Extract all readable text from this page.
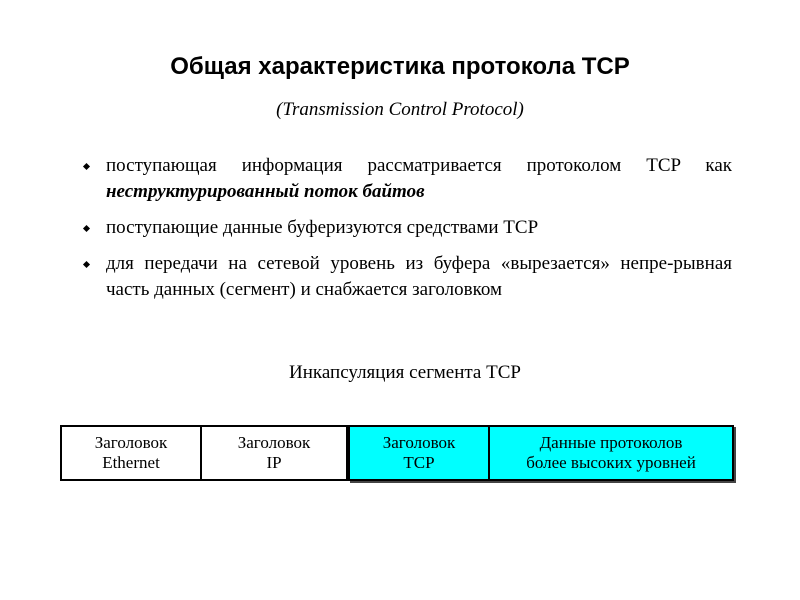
Общая характеристика протокола TCP
(Transmission Control Protocol)
поступающая информация рассматривается протоколом TCP как неструктурированный поток байтов
поступающие данные буферизуются средствами TCP
для передачи на сетевой уровень из буфера «вырезается» непре-рывная часть данных (сегмент) и снабжается заголовком
Инкапсуляция сегмента TCP
Заголовок
Ethernet
Заголовок
IP
Заголовок
TCP
Данные протоколов
более высоких уровней
